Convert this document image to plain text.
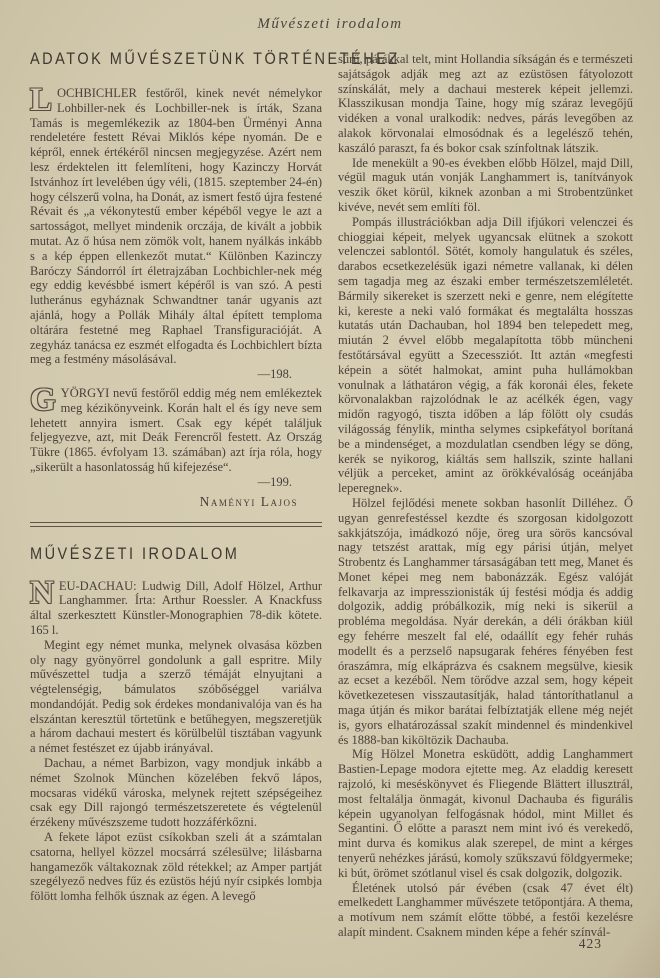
Művészeti irodalom
ADATOK MŰVÉSZETÜNK TÖRTÉNETÉHEZ

LOCHBICHLER festőről, kinek nevét némelykor Lohbiller-nek és Lochbiller-nek is írták, Szana Tamás is megemlékezik az 1804-ben Ürményi Anna rendeletére festett Révai Miklós képe nyomán. De e képről, ennek értékéről nincsen megjegyzése. Azért nem lesz érdektelen itt felemlíteni, hogy Kazinczy Horvát Istvánhoz írt levelében úgy véli, (1815. szeptember 24-én) hogy célszerű volna, ha Donát, az ismert festő újra festené Révait és „a vékonytestű ember képéből vegye le azt a sartosságot, mellyet mindenik orczája, de kivált a jobbik mutat. Az ő húsa nem zömök volt, hanem nyálkás inkább s a kép éppen ellenkezőt mutat.“ Különben Kazinczy Baróczy Sándorról írt életrajzában Lochbichler-nek még egy eddig kevésbbé ismert képéről is van szó. A pesti lutheránus egyháznak Schwandtner tanár ugyanis azt ajánlá, hogy a Pollák Mihály által épített temploma oltárára festetné meg Raphael Transfiguracióját. A zegyház tanácsa ez eszmét elfogadta és Lochbichlert bízta meg a festmény másolásával.

—198.

GYÖRGYI nevű festőről eddig még nem emlékeztek meg kézikönyveink. Korán halt el és így neve sem lehetett annyira ismert. Csak egy képét találjuk feljegyezve, azt, mit Deák Ferencről festett. Az Ország Tükre (1865. évfolyam 13. számában) azt írja róla, hogy „sikerült a hasonlatosság hű kifejezése“.

—199.
Naményi Lajos
MŰVÉSZETI IRODALOM

NEU-DACHAU: Ludwig Dill, Adolf Hölzel, Arthur Langhammer. Írta: Arthur Roessler. A Knackfuss által szerkesztett Künstler-Monographien 78-dik kötete. 165 l.

Megint egy német munka, melynek olvasása közben oly nagy gyönyörrel gondolunk a gall espritre. Mily művészettel tudja a szerző témáját elnyujtani a végtelenségig, bámulatos szóbőséggel variálva mondandóját. Pedig sok érdekes mondanivalója van és ha elszántan keresztül törtetünk e betűhegyen, megszeretjük a három dachaui mestert és körülbelül tisztában vagyunk a német festészet ez újabb irányával.

Dachau, a német Barbizon, vagy mondjuk inkább a német Szolnok München közelében fekvő lápos, mocsaras vidékű városka, melynek rejtett szépségeihez csak egy Dill rajongó természetszeretete és végtelenül érzékeny művészszeme tudott hozzáférkőzni.

A fekete lápot ezüst csíkokban szeli át a számtalan csatorna, hellyel közzel mocsárrá szélesülve; lilásbarna hangamezők váltakoznak zöld rétekkel; az Amper partját szegélyező nedves fűz és ezüstös héjú nyír csipkés lombja fölött lomha felhők úsznak az égen. A levegő

sűrű, párákkal telt, mint Hollandia síkságán és e természeti sajátságok adják meg azt az ezüstösen fátyolozott színskálát, mely a dachaui mesterek képeit jellemzi. Klasszikusan mondja Taine, hogy míg száraz levegőjű vidéken a vonal uralkodik: nedves, párás levegőben az alakok körvonalai elmosódnak és a legelésző tehén, kaszáló paraszt, fa és bokor csak színfoltnak látszik.

Ide menekült a 90-es években előbb Hölzel, majd Dill, végül maguk után vonják Langhammert is, tanítványok veszik őket körül, kiknek azonban a mi Strobentzünket kivéve, nevét sem említi föl.

Pompás illustrációkban adja Dill ifjúkori velenczei és chioggiai képeit, melyek ugyancsak elütnek a szokott velenczei sablontól. Sötét, komoly hangulatuk és széles, darabos ecsetkezelésük igazi németre vallanak, ki délen sem tagadja meg az északi ember természetszemléletét. Bármily sikereket is szerzett neki e genre, nem elégítette ki, kereste a neki való formákat és megtalálta hosszas kutatás után Dachauban, hol 1894 ben telepedett meg, miután 2 évvel előbb megalapította több müncheni festőtársával együtt a Szecessziót. Itt aztán «megfesti képein a sötét halmokat, amint puha hullámokban vonulnak a láthatáron végig, a fák koronái éles, fekete körvonalakban rajzolódnak le az acélkék égen, vagy midőn ragyogó, tiszta időben a láp fölött oly csudás világosság fénylik, mintha selymes csipkefátyol borítaná be a mindenséget, a mozdulatlan csendben légy se döng, kerék se nyikorog, kiáltás sem hallszik, szinte hallani véljük a perceket, amint az örökkévalóság oceánjába leperegnek».

Hölzel fejlődési menete sokban hasonlít Dilléhez. Ő ugyan genrefestéssel kezdte és szorgosan kidolgozott sakkjátszója, imádkozó nője, öreg ura sörös kancsóval nagy tetszést arattak, míg egy párisi útján, melyet Strobentz és Langhammer társaságában tett meg, Manet és Monet képei meg nem babonázzák. Egész valóját felkavarja az impresszionisták új festési módja és addig dolgozik, addig próbálkozik, míg neki is sikerül a probléma megoldása. Nyár derekán, a déli órákban kiül egy fehérre meszelt fal elé, odaállít egy fehér ruhás modellt és a perzselő napsugarak fehéres fényében fest óraszámra, míg elkáprázva és csaknem megsülve, kiesik az ecset a kezéből. Nem törődve azzal sem, hogy képeit következetesen visszautasítják, halad tántoríthatlanul a maga útján és mikor barátai felbíztatják ellene még nejét is, gyors elhatározással szakít mindennel és mindenkivel és 1888-ban kiköltözik Dachauba.

Míg Hölzel Monetra esküdött, addig Langhammert Bastien-Lepage modora ejtette meg. Az eladdig keresett rajzoló, ki meséskönyvet és Fliegende Blättert illusztrál, most feltalálja önmagát, kivonul Dachauba és figurális képein ugyanolyan felfogásnak hódol, mint Millet és Segantini. Ő előtte a paraszt nem mint ivó és verekedő, mint durva és komikus alak szerepel, de mint a kérges tenyerű nehézkes járású, komoly szűkszavú földgyermeke; ki bút, örömet szótlanul visel és csak dolgozik, dolgozik.

Életének utolsó pár évében (csak 47 évet élt) emelkedett Langhammer művészete tetőpontjára. A thema, a motívum nem számít előtte többé, a festői kezelésre alapít mindent. Csaknem minden képe a fehér színvál-

423
